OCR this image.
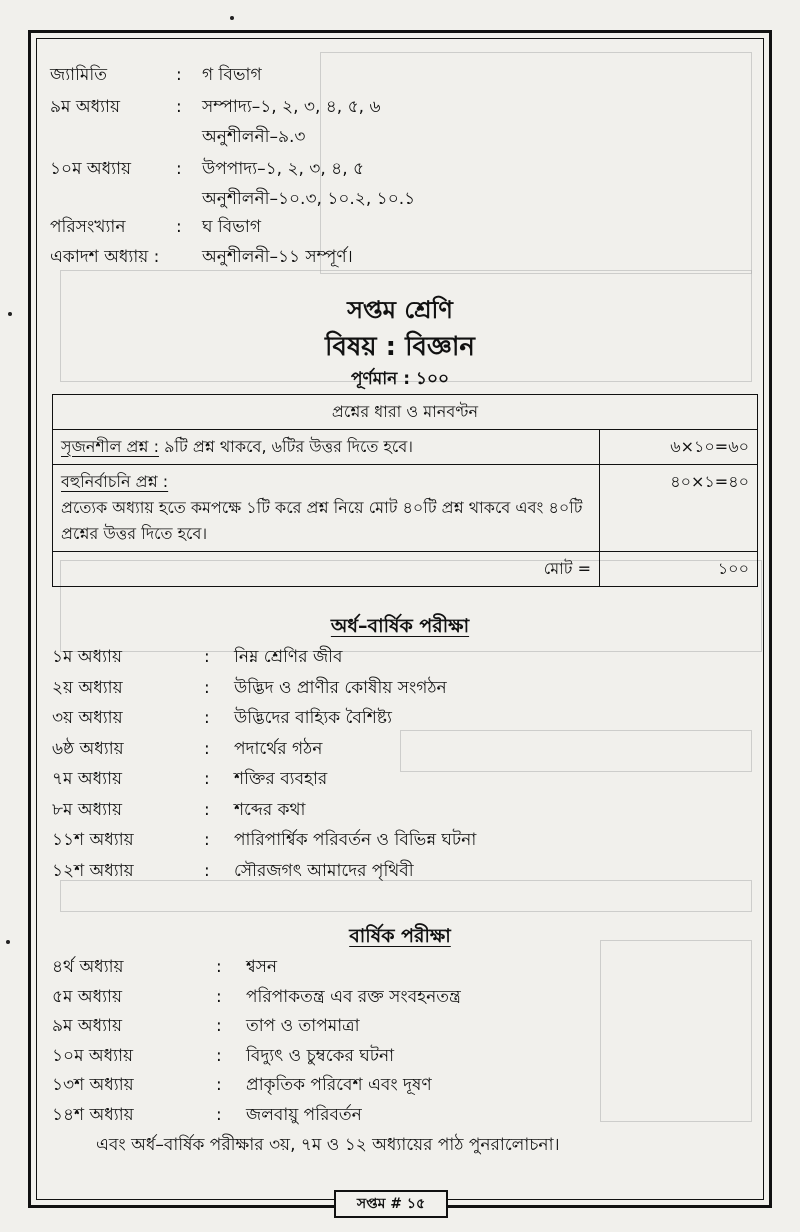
জ্যামিতি	: গ বিভাগ
৯ম অধ্যায়	: সম্পাদ্য–১, ২, ৩, ৪, ৫, ৬
অনুশীলনী–৯.৩
১০ম অধ্যায়	: উপপাদ্য–১, ২, ৩, ৪, ৫
অনুশীলনী–১০.৩, ১০.২, ১০.১
পরিসংখ্যান	: ঘ বিভাগ
একাদশ অধ্যায় :	অনুশীলনী–১১ সম্পূর্ণ।
সপ্তম শ্রেণি
বিষয় : বিজ্ঞান
পূর্ণমান : ১০০
প্রশ্নের ধারা ও মানবণ্টন	
সৃজনশীল প্রশ্ন : ৯টি প্রশ্ন থাকবে, ৬টির উত্তর দিতে হবে।	৬×১০=৬০

বহুনির্বাচনি প্রশ্ন :
প্রত্যেক অধ্যায় হতে কমপক্ষে ১টি করে প্রশ্ন নিয়ে মোট ৪০টি প্রশ্ন থাকবে এবং ৪০টি প্রশ্নের উত্তর দিতে হবে।	৪০×১=৪০
মোট =	১০০
অর্ধ–বার্ষিক পরীক্ষা
১ম অধ্যায়	: নিম্ন শ্রেণির জীব
২য় অধ্যায়	: উদ্ভিদ ও প্রাণীর কোষীয় সংগঠন
৩য় অধ্যায়	: উদ্ভিদের বাহ্যিক বৈশিষ্ট্য
৬ষ্ঠ অধ্যায়	: পদার্থের গঠন
৭ম অধ্যায়	: শক্তির ব্যবহার
৮ম অধ্যায়	: শব্দের কথা
১১শ অধ্যায়	: পারিপার্শ্বিক পরিবর্তন ও বিভিন্ন ঘটনা
১২শ অধ্যায়	: সৌরজগৎ আমাদের পৃথিবী
বার্ষিক পরীক্ষা
৪র্থ অধ্যায়	: শ্বসন
৫ম অধ্যায়	: পরিপাকতন্ত্র এব রক্ত সংবহনতন্ত্র
৯ম অধ্যায়	: তাপ ও তাপমাত্রা
১০ম অধ্যায়	: বিদ্যুৎ ও চুম্বকের ঘটনা
১৩শ অধ্যায়	: প্রাকৃতিক পরিবেশ এবং দূষণ
১৪শ অধ্যায়	: জলবায়ু পরিবর্তন
এবং অর্ধ–বার্ষিক পরীক্ষার ৩য়, ৭ম ও ১২ অধ্যায়ের পাঠ পুনরালোচনা।
সপ্তম # ১৫
